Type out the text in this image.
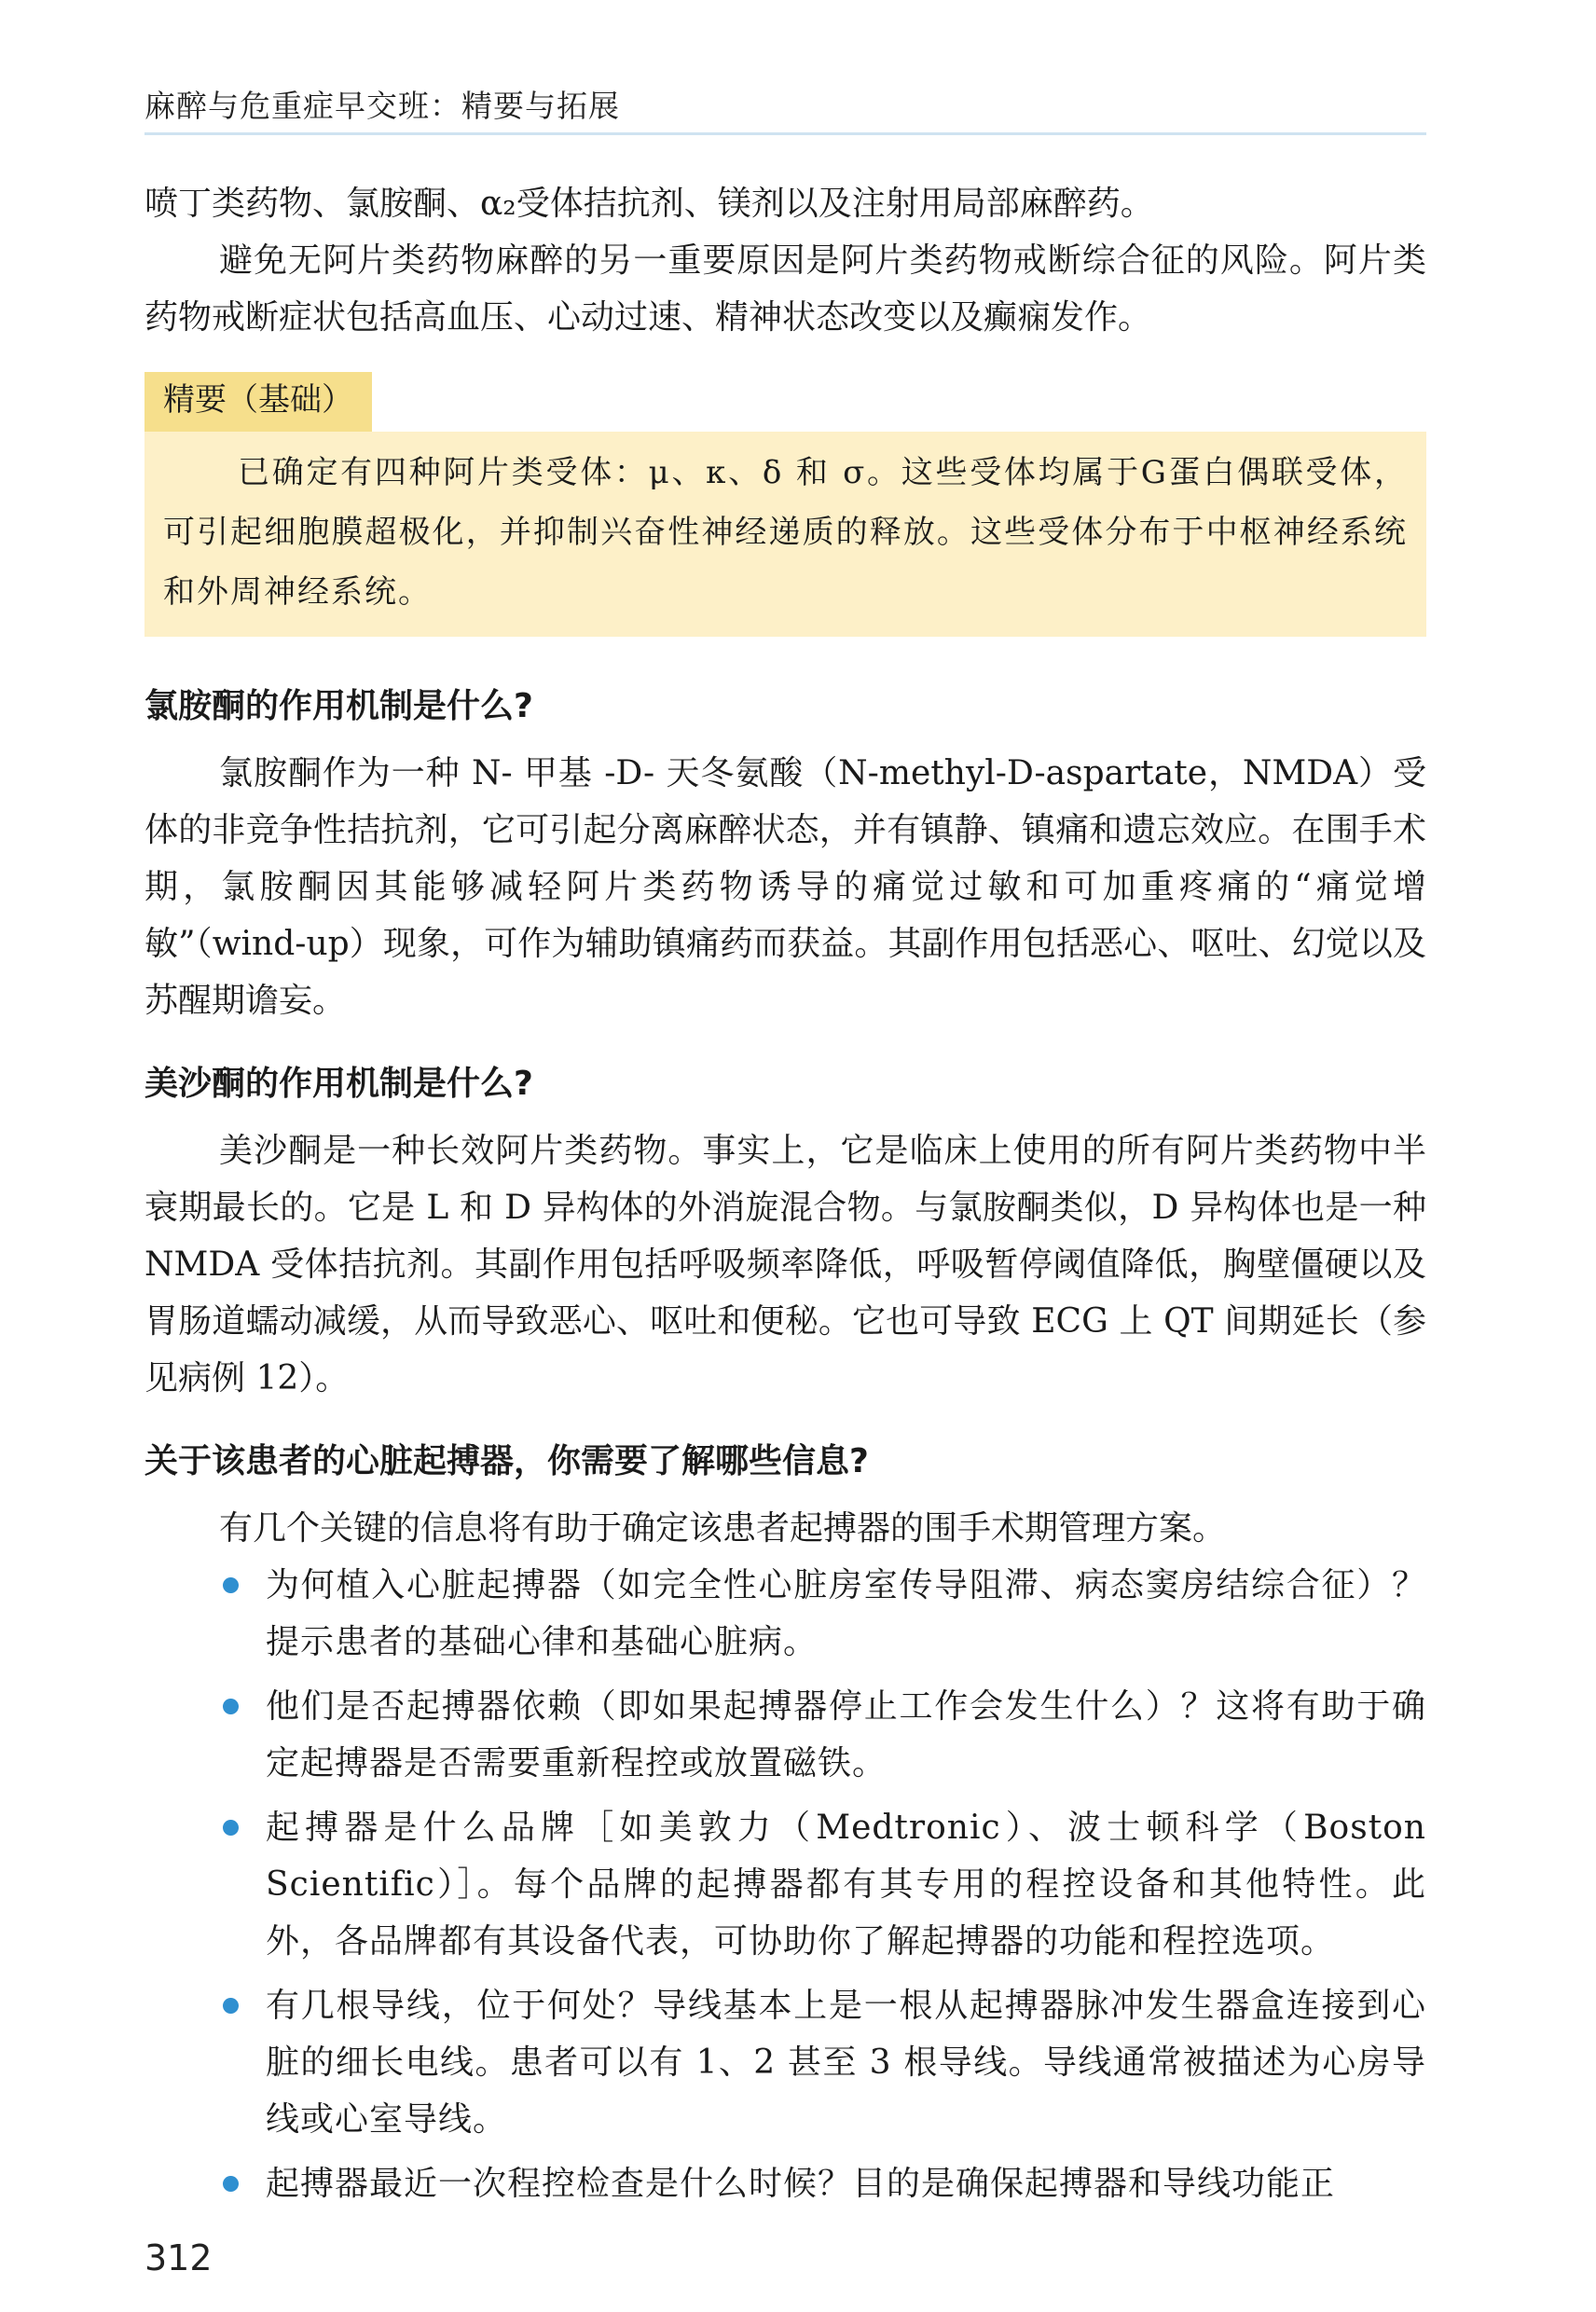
麻醉与危重症早交班：精要与拓展

喷丁类药物、氯胺酮、α₂受体拮抗剂、镁剂以及注射用局部麻醉药。

避免无阿片类药物麻醉的另一重要原因是阿片类药物戒断综合征的风险。阿片类药物戒断症状包括高血压、心动过速、精神状态改变以及癫痫发作。

精要（基础）

已确定有四种阿片类受体：μ、κ、δ 和 σ。这些受体均属于G蛋白偶联受体，可引起细胞膜超极化，并抑制兴奋性神经递质的释放。这些受体分布于中枢神经系统和外周神经系统。

氯胺酮的作用机制是什么?

氯胺酮作为一种 N- 甲基 -D- 天冬氨酸（N-methyl-D-aspartate，NMDA）受体的非竞争性拮抗剂，它可引起分离麻醉状态，并有镇静、镇痛和遗忘效应。在围手术期，氯胺酮因其能够减轻阿片类药物诱导的痛觉过敏和可加重疼痛的“痛觉增敏”（wind-up）现象，可作为辅助镇痛药而获益。其副作用包括恶心、呕吐、幻觉以及苏醒期谵妄。

美沙酮的作用机制是什么?

美沙酮是一种长效阿片类药物。事实上，它是临床上使用的所有阿片类药物中半衰期最长的。它是 L 和 D 异构体的外消旋混合物。与氯胺酮类似，D 异构体也是一种 NMDA 受体拮抗剂。其副作用包括呼吸频率降低，呼吸暂停阈值降低，胸壁僵硬以及胃肠道蠕动减缓，从而导致恶心、呕吐和便秘。它也可导致 ECG 上 QT 间期延长（参见病例 12）。

关于该患者的心脏起搏器，你需要了解哪些信息?

有几个关键的信息将有助于确定该患者起搏器的围手术期管理方案。

为何植入心脏起搏器（如完全性心脏房室传导阻滞、病态窦房结综合征）？提示患者的基础心律和基础心脏病。

他们是否起搏器依赖（即如果起搏器停止工作会发生什么）？这将有助于确定起搏器是否需要重新程控或放置磁铁。

起搏器是什么品牌［如美敦力（Medtronic）、波士顿科学（Boston Scientific）］。每个品牌的起搏器都有其专用的程控设备和其他特性。此外，各品牌都有其设备代表，可协助你了解起搏器的功能和程控选项。

有几根导线，位于何处？导线基本上是一根从起搏器脉冲发生器盒连接到心脏的细长电线。患者可以有 1、2 甚至 3 根导线。导线通常被描述为心房导线或心室导线。

起搏器最近一次程控检查是什么时候？目的是确保起搏器和导线功能正

312
